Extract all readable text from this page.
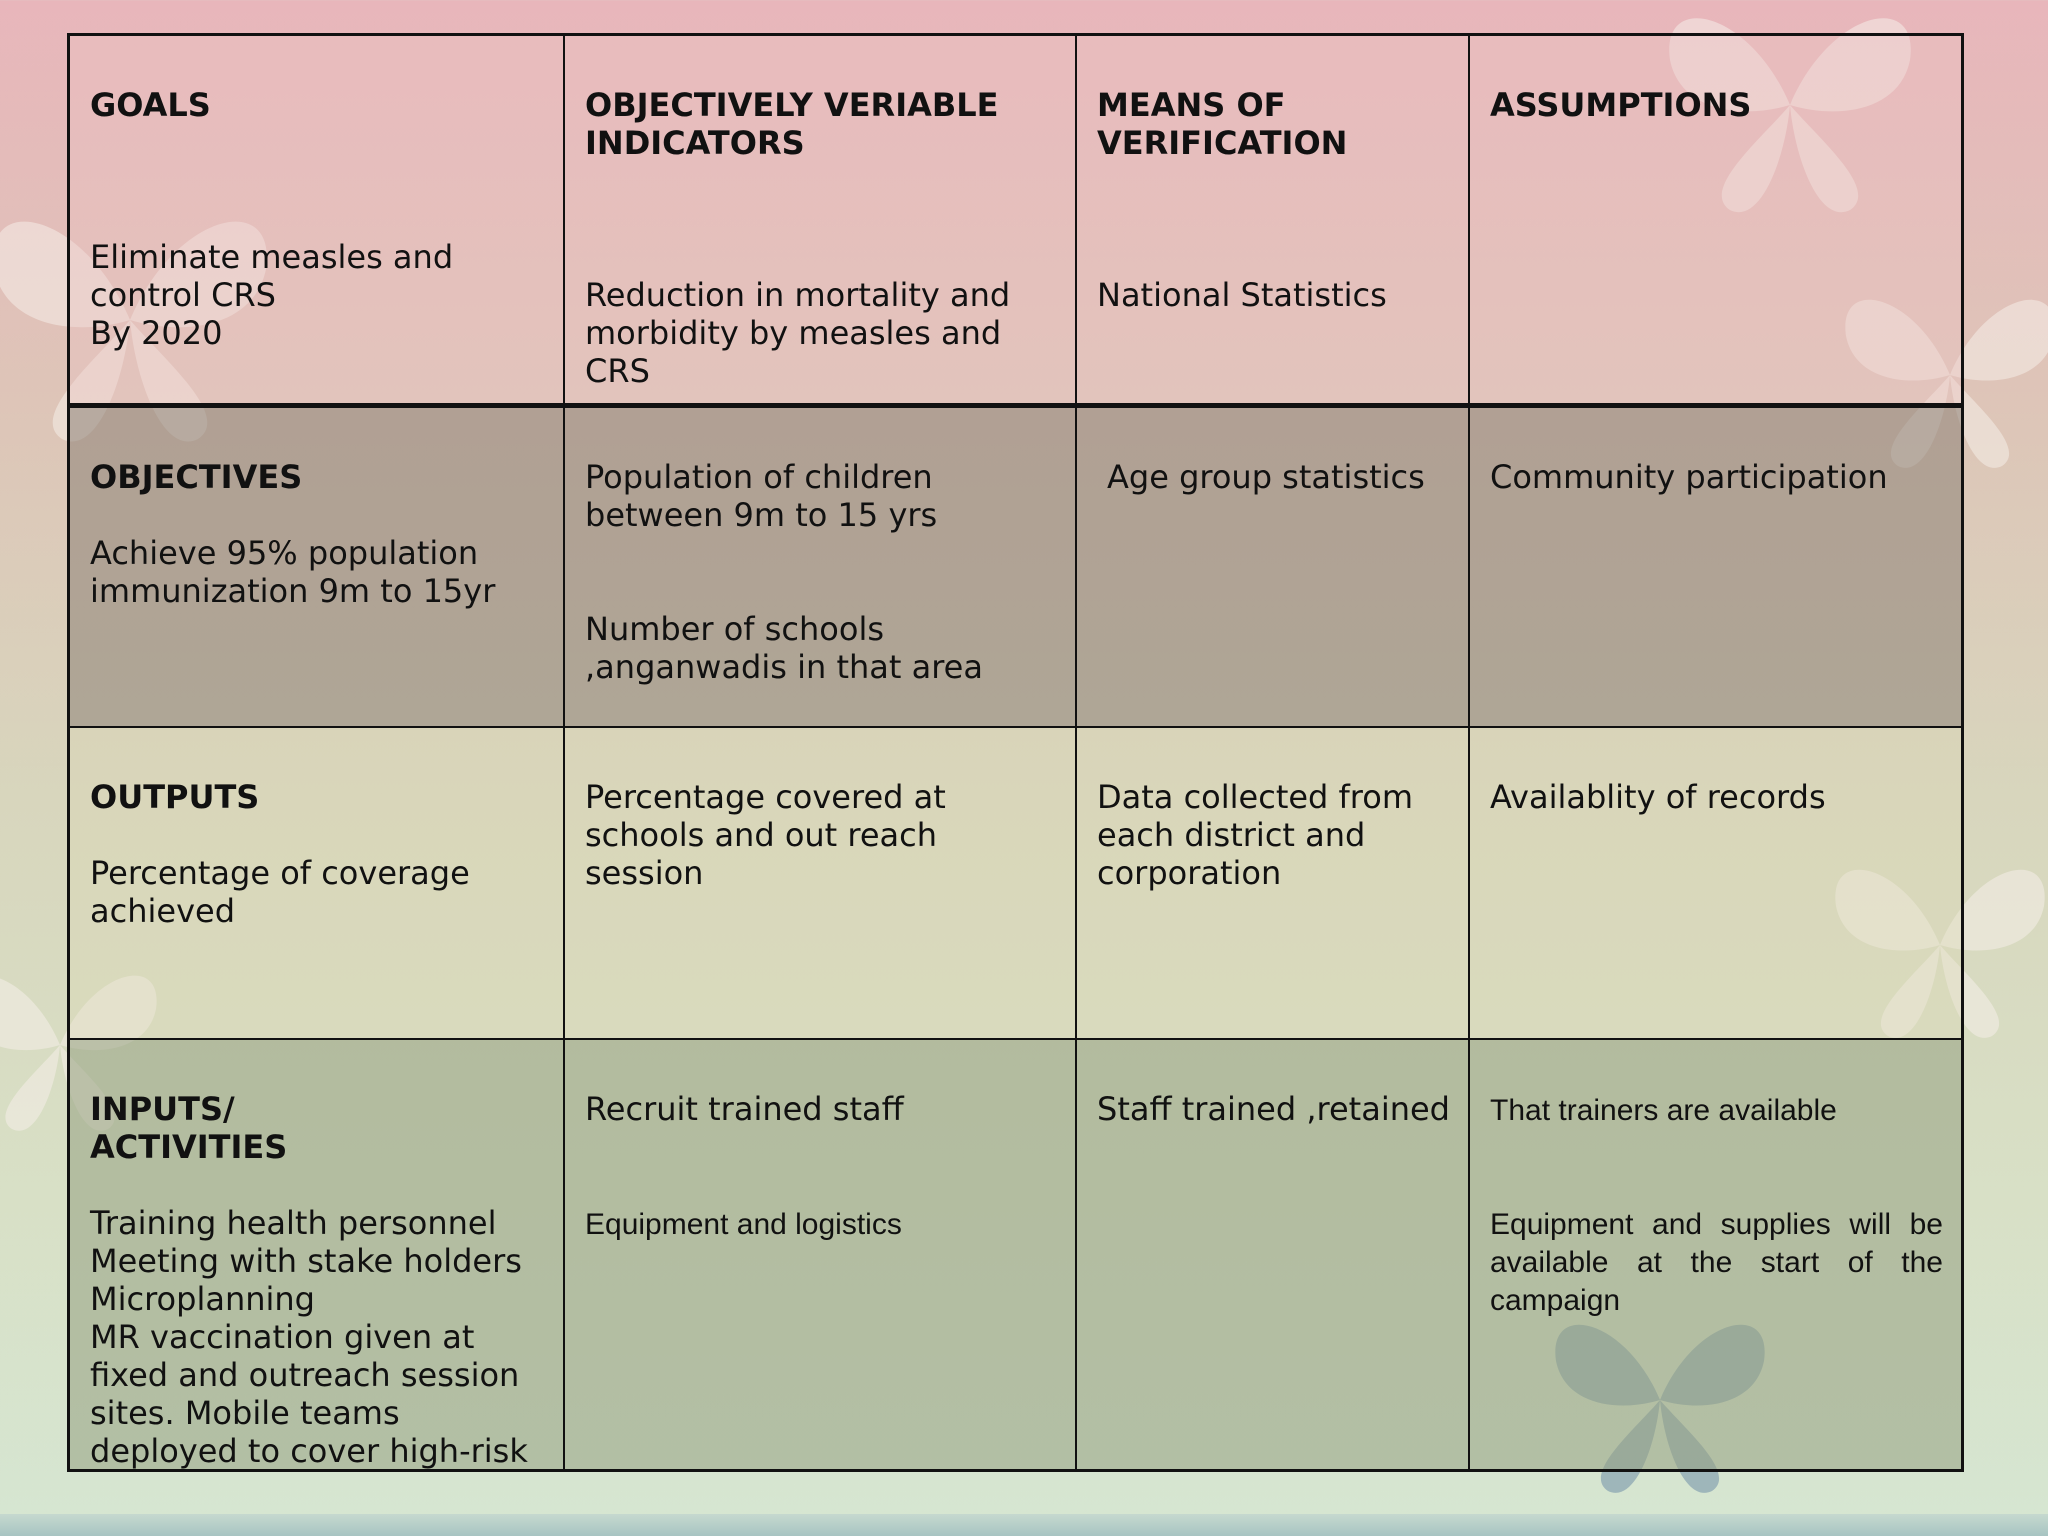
GOALS

Eliminate measles and
control CRS
By 2020

OBJECTIVELY VERIABLE
INDICATORS

Reduction in mortality and
morbidity by measles and
CRS

MEANS OF
VERIFICATION

National Statistics

ASSUMPTIONS

OBJECTIVES

Achieve 95% population
immunization 9m to 15yr

Population of children
between 9m to 15 yrs

Number of schools
,anganwadis in that area

Age group statistics	Community participation

OUTPUTS

Percentage of coverage
achieved

Percentage covered at
schools and out reach session

Data collected from
each district and
corporation

Availablity of records

INPUTS/
ACTIVITIES

Training health personnel
Meeting with stake holders
Microplanning
MR vaccination given at
fixed and outreach session
sites. Mobile teams
deployed to cover high-risk

Recruit trained staff

Equipment and logistics

Staff trained ,retained	That trainers are available

Equipment and supplies will be available at the start of the campaign
